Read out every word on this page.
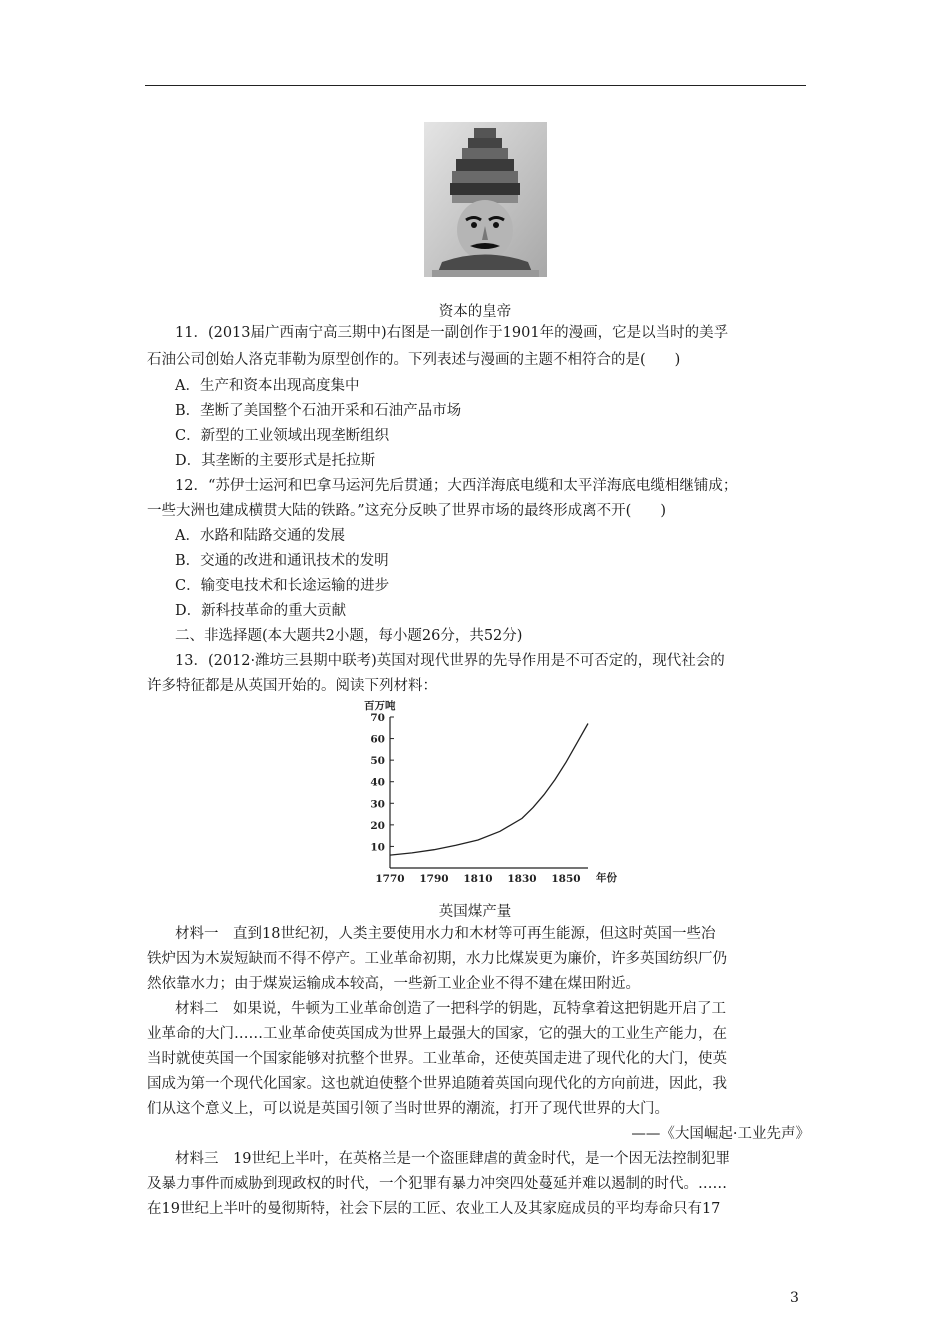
资本的皇帝
11．(2013届广西南宁高三期中)右图是一副创作于1901年的漫画，它是以当时的美孚
石油公司创始人洛克菲勒为原型创作的。下列表述与漫画的主题不相符合的是(　　)
A．生产和资本出现高度集中
B．垄断了美国整个石油开采和石油产品市场
C．新型的工业领域出现垄断组织
D．其垄断的主要形式是托拉斯
12．“苏伊士运河和巴拿马运河先后贯通；大西洋海底电缆和太平洋海底电缆相继铺成；
一些大洲也建成横贯大陆的铁路。”这充分反映了世界市场的最终形成离不开(　　)
A．水路和陆路交通的发展
B．交通的改进和通讯技术的发明
C．输变电技术和长途运输的进步
D．新科技革命的重大贡献
二、非选择题(本大题共2小题，每小题26分，共52分)
13．(2012·潍坊三县期中联考)英国对现代世界的先导作用是不可否定的，现代社会的
许多特征都是从英国开始的。阅读下列材料：
百万吨
10
20
30
40
50
60
70
1770 1790 1810 1830 1850 年份
英国煤产量
材料一　直到18世纪初，人类主要使用水力和木材等可再生能源，但这时英国一些冶
铁炉因为木炭短缺而不得不停产。工业革命初期，水力比煤炭更为廉价，许多英国纺织厂仍
然依靠水力；由于煤炭运输成本较高，一些新工业企业不得不建在煤田附近。
材料二　如果说，牛顿为工业革命创造了一把科学的钥匙，瓦特拿着这把钥匙开启了工
业革命的大门……工业革命使英国成为世界上最强大的国家，它的强大的工业生产能力，在
当时就使英国一个国家能够对抗整个世界。工业革命，还使英国走进了现代化的大门，使英
国成为第一个现代化国家。这也就迫使整个世界追随着英国向现代化的方向前进，因此，我
们从这个意义上，可以说是英国引领了当时世界的潮流，打开了现代世界的大门。
——《大国崛起·工业先声》
材料三　19世纪上半叶，在英格兰是一个盗匪肆虐的黄金时代，是一个因无法控制犯罪
及暴力事件而威胁到现政权的时代，一个犯罪有暴力冲突四处蔓延并难以遏制的时代。……
在19世纪上半叶的曼彻斯特，社会下层的工匠、农业工人及其家庭成员的平均寿命只有17
3
